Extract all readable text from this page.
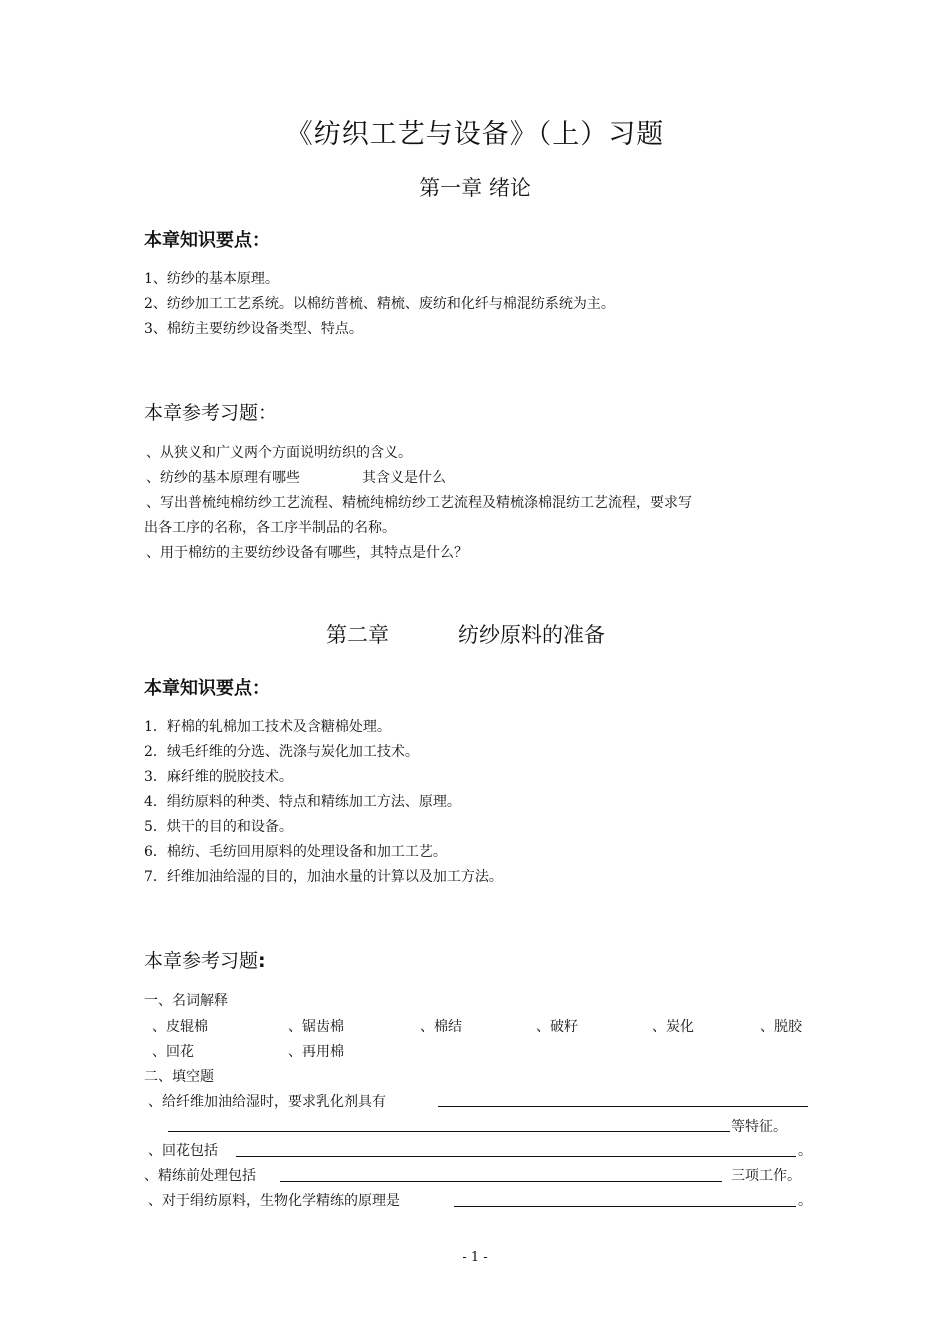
《纺织工艺与设备》（上）习题
第一章 绪论
本章知识要点：
1、纺纱的基本原理。
2、纺纱加工工艺系统。以棉纺普梳、精梳、废纺和化纤与棉混纺系统为主。
3、棉纺主要纺纱设备类型、特点。
本章参考习题：
、从狭义和广义两个方面说明纺织的含义。
、纺纱的基本原理有哪些	其含义是什么
、写出普梳纯棉纺纱工艺流程、精梳纯棉纺纱工艺流程及精梳涤棉混纺工艺流程，要求写
出各工序的名称，各工序半制品的名称。
、用于棉纺的主要纺纱设备有哪些，其特点是什么？
第二章	纺纱原料的准备
本章知识要点：
1．籽棉的轧棉加工技术及含糖棉处理。
2．绒毛纤维的分选、洗涤与炭化加工技术。
3．麻纤维的脱胶技术。
4．绢纺原料的种类、特点和精练加工方法、原理。
5．烘干的目的和设备。
6．棉纺、毛纺回用原料的处理设备和加工工艺。
7．纤维加油给湿的目的，加油水量的计算以及加工方法。
本章参考习题:
一、名词解释
、皮辊棉	、锯齿棉	、棉结	、破籽	、炭化	、脱胶
、回花	、再用棉
二、填空题
、给纤维加油给湿时，要求乳化剂具有
等特征。
、回花包括	。
、精练前处理包括	三项工作。
、对于绢纺原料，生物化学精练的原理是	。
- 1 -
